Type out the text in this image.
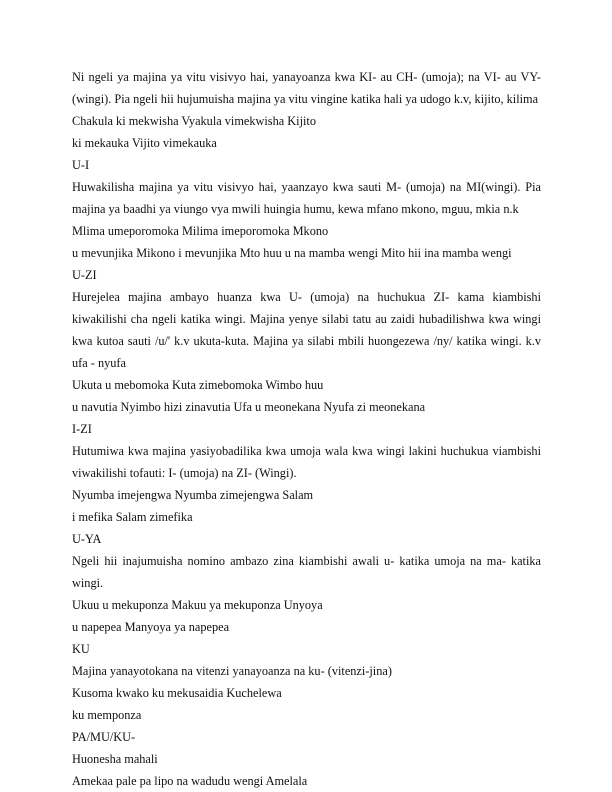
Ni ngeli ya majina ya vitu visivyo hai, yanayoanza kwa KI- au CH- (umoja); na VI- au VY- (wingi). Pia ngeli hii hujumuisha majina ya vitu vingine katika hali ya udogo k.v, kijito, kilima
Chakula ki mekwisha Vyakula vimekwisha Kijito
ki mekauka Vijito vimekauka
U-I
Huwakilisha majina ya vitu visivyo hai, yaanzayo kwa sauti M- (umoja) na MI(wingi). Pia majina ya baadhi ya viungo vya mwili huingia humu, kewa mfano mkono, mguu, mkia n.k
Mlima umeporomoka Milima imeporomoka Mkono
u mevunjika Mikono i mevunjika Mto huu u na mamba wengi Mito hii ina mamba wengi
U-ZI
Hurejelea majina ambayo huanza kwa U- (umoja) na huchukua ZI- kama kiambishi kiwakilishi cha ngeli katika wingi. Majina yenye silabi tatu au zaidi hubadilishwa kwa wingi kwa kutoa sauti /u/' k.v ukuta-kuta. Majina ya silabi mbili huongezewa /ny/ katika wingi. k.v ufa - nyufa
Ukuta u mebomoka Kuta zimebomoka Wimbo huu
u navutia Nyimbo hizi zinavutia Ufa u meonekana Nyufa zi meonekana
I-ZI
Hutumiwa kwa majina yasiyobadilika kwa umoja wala kwa wingi lakini huchukua viambishi viwakilishi tofauti: I- (umoja) na ZI- (Wingi).
Nyumba imejengwa Nyumba zimejengwa Salam
i mefika Salam zimefika
U-YA
Ngeli hii inajumuisha nomino ambazo zina kiambishi awali u- katika umoja na ma- katika wingi.
Ukuu u mekuponza Makuu ya mekuponza Unyoya
u napepea Manyoya ya napepea
KU
Majina yanayotokana na vitenzi yanayoanza na ku- (vitenzi-jina)
Kusoma kwako ku mekusaidia Kuchelewa
ku memponza
PA/MU/KU-
Huonesha mahali
Amekaa pale pa lipo na wadudu wengi Amelala
